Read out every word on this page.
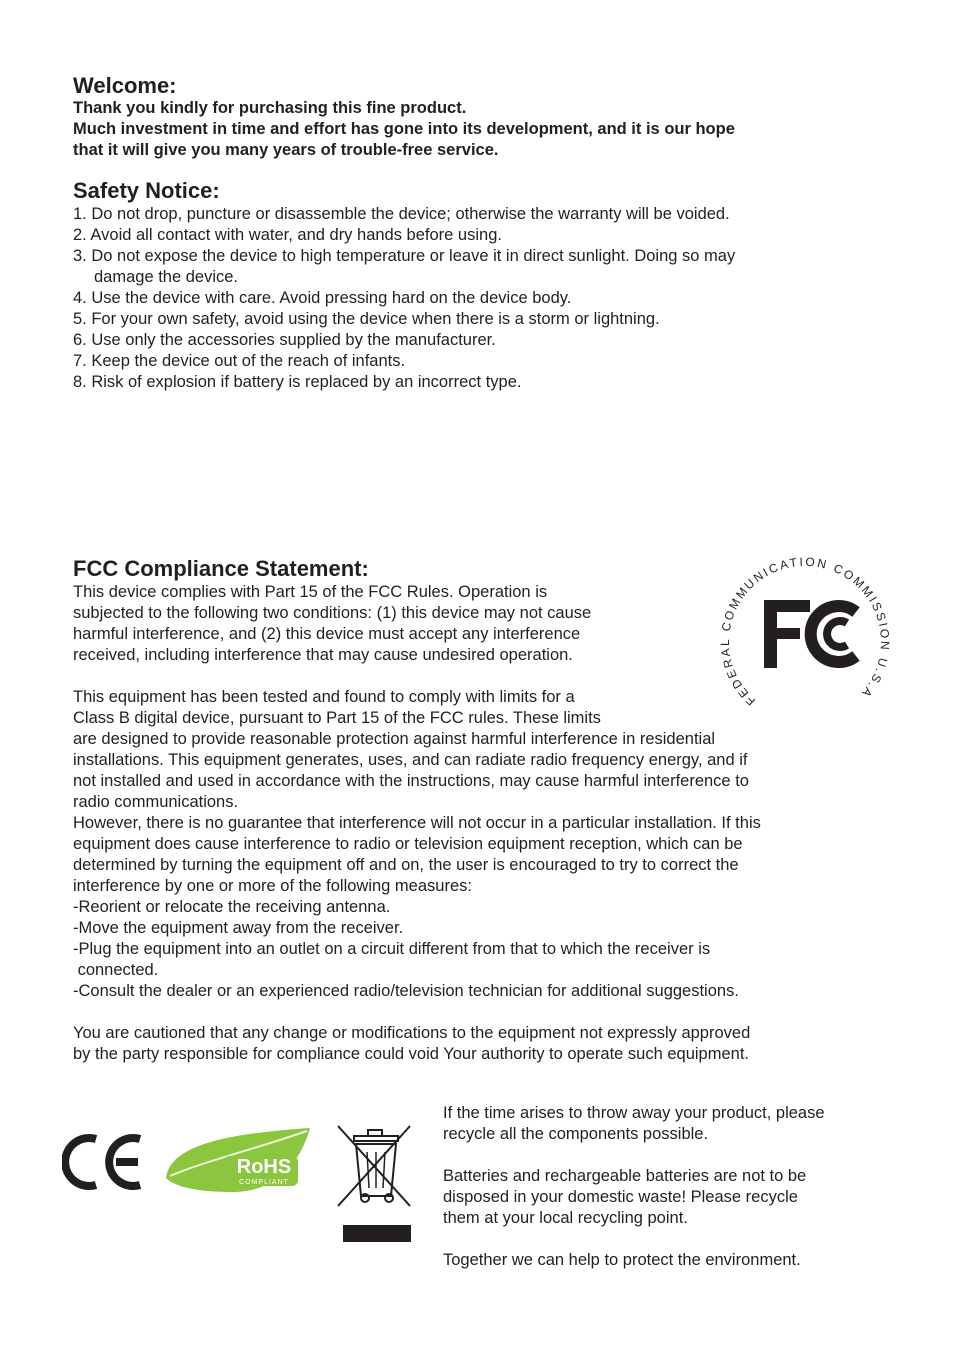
Welcome:
Thank you kindly for purchasing this fine product.
Much investment in time and effort has gone into its development, and it is our hope
that it will give you many years of trouble-free service.
Safety Notice:
1. Do not drop, puncture or disassemble the device; otherwise the warranty will be voided.
2. Avoid all contact with water, and dry hands before using.
3. Do not expose the device to high temperature or leave it in direct sunlight. Doing so may
damage the device.
4. Use the device with care. Avoid pressing hard on the device body.
5. For your own safety, avoid using the device when there is a storm or lightning.
6. Use only the accessories supplied by the manufacturer.
7. Keep the device out of the reach of infants.
8. Risk of explosion if battery is replaced by an incorrect type.
FCC Compliance Statement:
This device complies with Part 15 of the FCC Rules. Operation is
subjected to the following two conditions: (1) this device may not cause
harmful interference, and (2) this device must accept any interference
received, including interference that may cause undesired operation.
This equipment has been tested and found to comply with limits for a
Class B digital device, pursuant to Part 15 of the FCC rules. These limits
are designed to provide reasonable protection against harmful interference in residential
installations. This equipment generates, uses, and can radiate radio frequency energy, and if
not installed and used in accordance with the instructions, may cause harmful interference to
radio communications.
However, there is no guarantee that interference will not occur in a particular installation. If this
equipment does cause interference to radio or television equipment reception, which can be
determined by turning the equipment off and on, the user is encouraged to try to correct the
interference by one or more of the following measures:
-Reorient or relocate the receiving antenna.
-Move the equipment away from the receiver.
-Plug the equipment into an outlet on a circuit different from that to which the receiver is
connected.
-Consult the dealer or an experienced radio/television technician for additional suggestions.
You are cautioned that any change or modifications to the equipment not expressly approved
by the party responsible for compliance could void Your authority to operate such equipment.
FEDERAL COMMUNICATION COMMISSION U.S.A
RoHS
COMPLIANT
If the time arises to throw away your product, please
recycle all the components possible.
Batteries and rechargeable batteries are not to be
disposed in your domestic waste! Please recycle
them at your local recycling point.
Together we can help to protect the environment.
